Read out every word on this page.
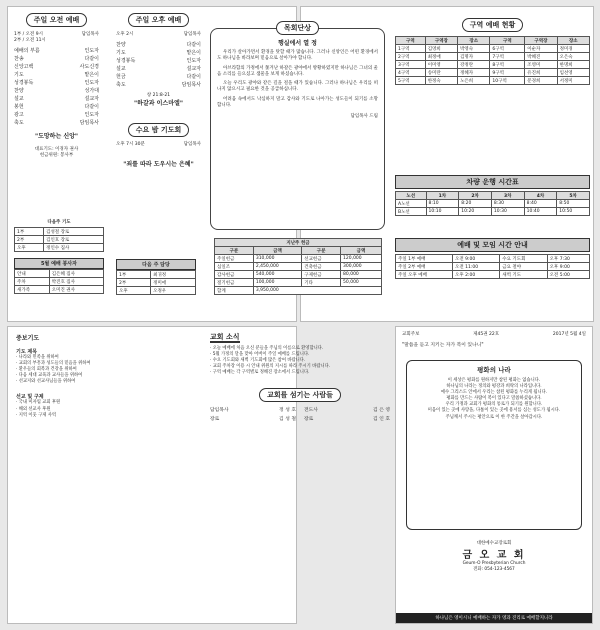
주일 오전 예배
1부 / 오전 9시
2부 / 오전 11시
담임목사
예배의 부름	인도자
찬송	다같이
신앙고백	사도신경
기도	맡은이
성경봉독	인도자
찬양	성가대
설교	설교자
봉헌	다같이
광고	인도자
축도	담임목사
"도망하는 신앙"
대표기도: 이경자 권사
헌금위원: 봉사부
주일 오후 예배
오후 2시	담임목사
찬양	다같이
기도	맡은이
성경봉독	인도자
설교	설교자
헌금	다같이
축도	담임목사
창 21:8-21
"하갈과 이스마엘"
수요 밤 기도회
오후 7시 30분	담임목사
"죄를 따라 도우시는 은혜"
다음주 기도
1부	김성철 장로
2부	김인호 장로
오후	정인수 집사
5월 예배 봉사자
안내	김은혜 집사
주차	박진호 집사
새가족	오미진 권사
다음 주 담당
1부	최귀정
2부	정미애
오후	오정우
목회단상
행실에서 열 정

우리가 살아가면서 환경을 탓할 때가 많습니다. 그러나 신앙인은 어떤 환경에서도 하나님을 바라보며 믿음으로 살아가야 합니다.

아브라함의 가정에서 쫓겨난 하갈은 광야에서 방황하였지만 하나님은 그녀의 울음 소리를 들으셨고 샘물을 보게 하셨습니다.

오늘 우리도 광야와 같은 길을 걸을 때가 있습니다. 그러나 하나님은 우리를 떠나지 않으시고 필요한 것을 공급하십니다.

어려움 속에서도 낙심하지 말고 감사와 기도로 나아가는 성도들이 되기를 소망합니다.

담임목사 드림
지난주 헌금			
구분	금액	구분	금액
주일헌금	310,000	선교헌금	120,000
십일조	2,450,000	건축헌금	300,000
감사헌금	540,000	구제헌금	80,000
절기헌금	100,000	기타	50,000
합계	3,950,000		
구역 예배 현황
구역	구역장	장소	구역	구역장	장소
1구역	김영희	박영숙	6구역	이순자	정미경
2구역	최정애	김명자	7구역	박혜진	오은숙
3구역	이미영	강정란	8구역	조영미	한명희
4구역	송미란	정혜자	9구역	유진희	임선영
5구역	한정숙	노은희	10구역	문경희	서정미
차량 운행 시간표
노선	1차	2차	3차	4차	5차
A노선	8:10	8:20	8:30	8:40	8:50
B노선	10:10	10:20	10:30	10:40	10:50
예배 및 모임 시간 안내
주일 1부 예배	오전 9:00	수요 기도회	오후 7:30
주일 2부 예배	오전 11:00	금요 철야	오후 9:00
주일 오후 예배	오후 2:00	새벽 기도	오전 5:00
중보기도
기도 제목
· 나라와 민족을 위하여
· 교회의 부흥과 성도들의 믿음을 위하여
· 환우들의 회복과 건강을 위하여
· 다음 세대 교육과 교사들을 위하여
· 선교지와 선교사님들을 위하여
선교 및 구제
· 국내 미자립 교회 후원
· 해외 선교사 후원
· 지역 이웃 구제 사역
교회 소식
· 오늘 예배에 처음 오신 분들을 주님의 이름으로 환영합니다.
· 5월 가정의 달을 맞아 어버이 주일 예배를 드립니다.
· 수요 기도회와 새벽 기도회에 많은 참여 바랍니다.
· 교회 주차장 이용 시 안내 위원의 지시를 따라 주시기 바랍니다.
· 구역 예배는 각 구역별로 정해진 장소에서 드립니다.
교회를 섬기는 사람들
담임목사	정 성 호 전도사	김 은 영
장로	김 성 철 장로	김 인 호
교회주보	제45권 22호	2017년 5월 4일
"말씀을 듣고 지키는 자가 복이 있나니"
평화의 나라
이 세상은 평화를 원하지만 참된 평화는 없습니다.
하나님의 나라는 정의와 평강과 희락의 나라입니다.
예수 그리스도 안에서 우리는 참된 평화를 누리게 됩니다.
평화를 만드는 사람이 복이 있다고 말씀하셨습니다.
우리 가정과 교회가 평화의 통로가 되기를 원합니다.
미움이 있는 곳에 사랑을, 다툼이 있는 곳에 용서를 심는 성도가 됩시다.
주님께서 주시는 평안으로 이 한 주간을 살아갑시다.
대한예수교장로회
금 오 교 회
Geum-O Presbyterian Church
전화: 054-123-4567
하나님은 영이시니 예배하는 자가 영과 진리로 예배할지니라
